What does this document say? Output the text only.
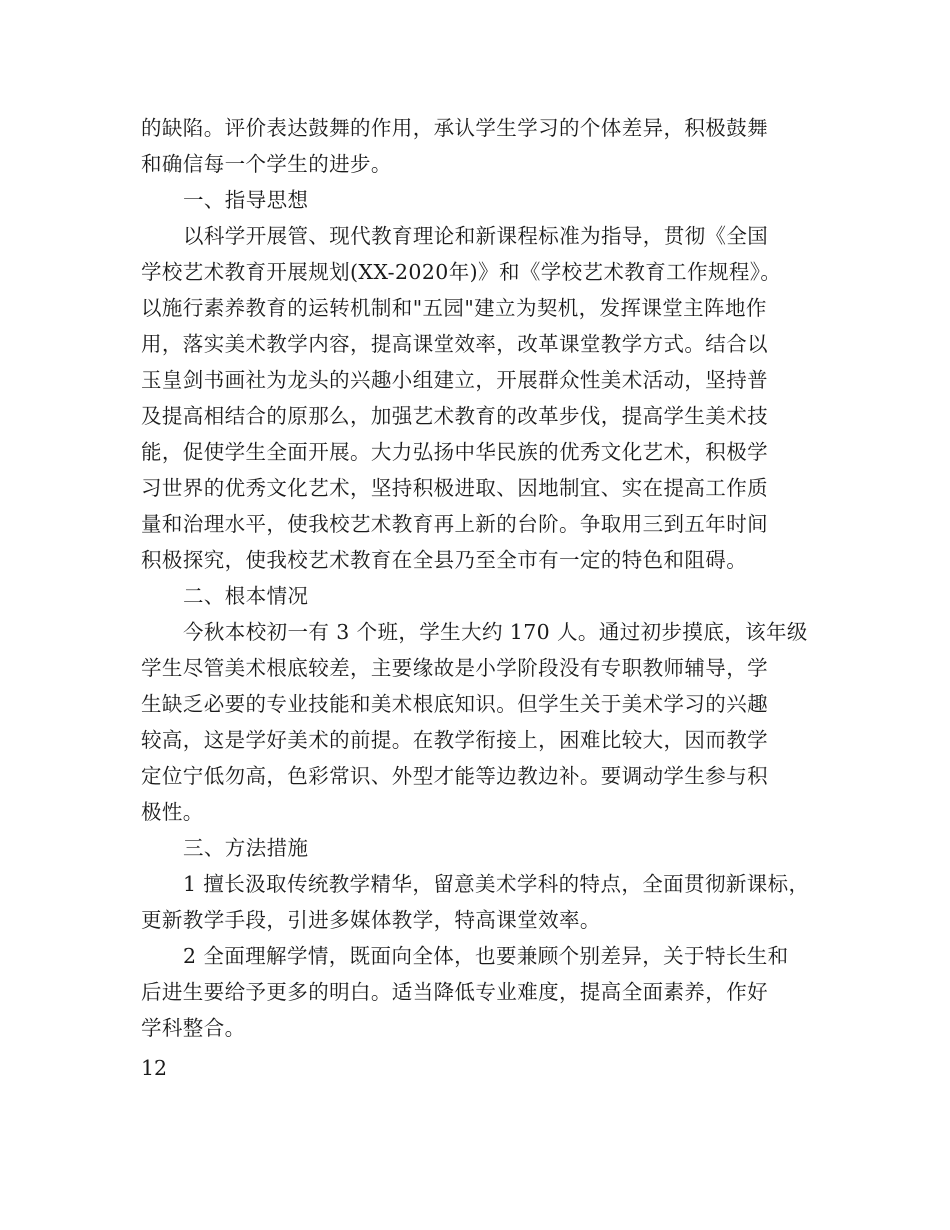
的缺陷。评价表达鼓舞的作用，承认学生学习的个体差异，积极鼓舞
和确信每一个学生的进步。
一、指导思想
以科学开展管、现代教育理论和新课程标准为指导，贯彻《全国
学校艺术教育开展规划(XX-2020年)》和《学校艺术教育工作规程》。
以施行素养教育的运转机制和"五园"建立为契机，发挥课堂主阵地作
用，落实美术教学内容，提高课堂效率，改革课堂教学方式。结合以
玉皇剑书画社为龙头的兴趣小组建立，开展群众性美术活动，坚持普
及提高相结合的原那么，加强艺术教育的改革步伐，提高学生美术技
能，促使学生全面开展。大力弘扬中华民族的优秀文化艺术，积极学
习世界的优秀文化艺术，坚持积极进取、因地制宜、实在提高工作质
量和治理水平，使我校艺术教育再上新的台阶。争取用三到五年时间
积极探究，使我校艺术教育在全县乃至全市有一定的特色和阻碍。
二、根本情况
今秋本校初一有 3 个班，学生大约 170 人。通过初步摸底，该年级
学生尽管美术根底较差，主要缘故是小学阶段没有专职教师辅导，学
生缺乏必要的专业技能和美术根底知识。但学生关于美术学习的兴趣
较高，这是学好美术的前提。在教学衔接上，困难比较大，因而教学
定位宁低勿高，色彩常识、外型才能等边教边补。要调动学生参与积
极性。
三、方法措施
1 擅长汲取传统教学精华，留意美术学科的特点，全面贯彻新课标，
更新教学手段，引进多媒体教学，特高课堂效率。
2 全面理解学情，既面向全体，也要兼顾个别差异，关于特长生和
后进生要给予更多的明白。适当降低专业难度，提高全面素养，作好
学科整合。
12
